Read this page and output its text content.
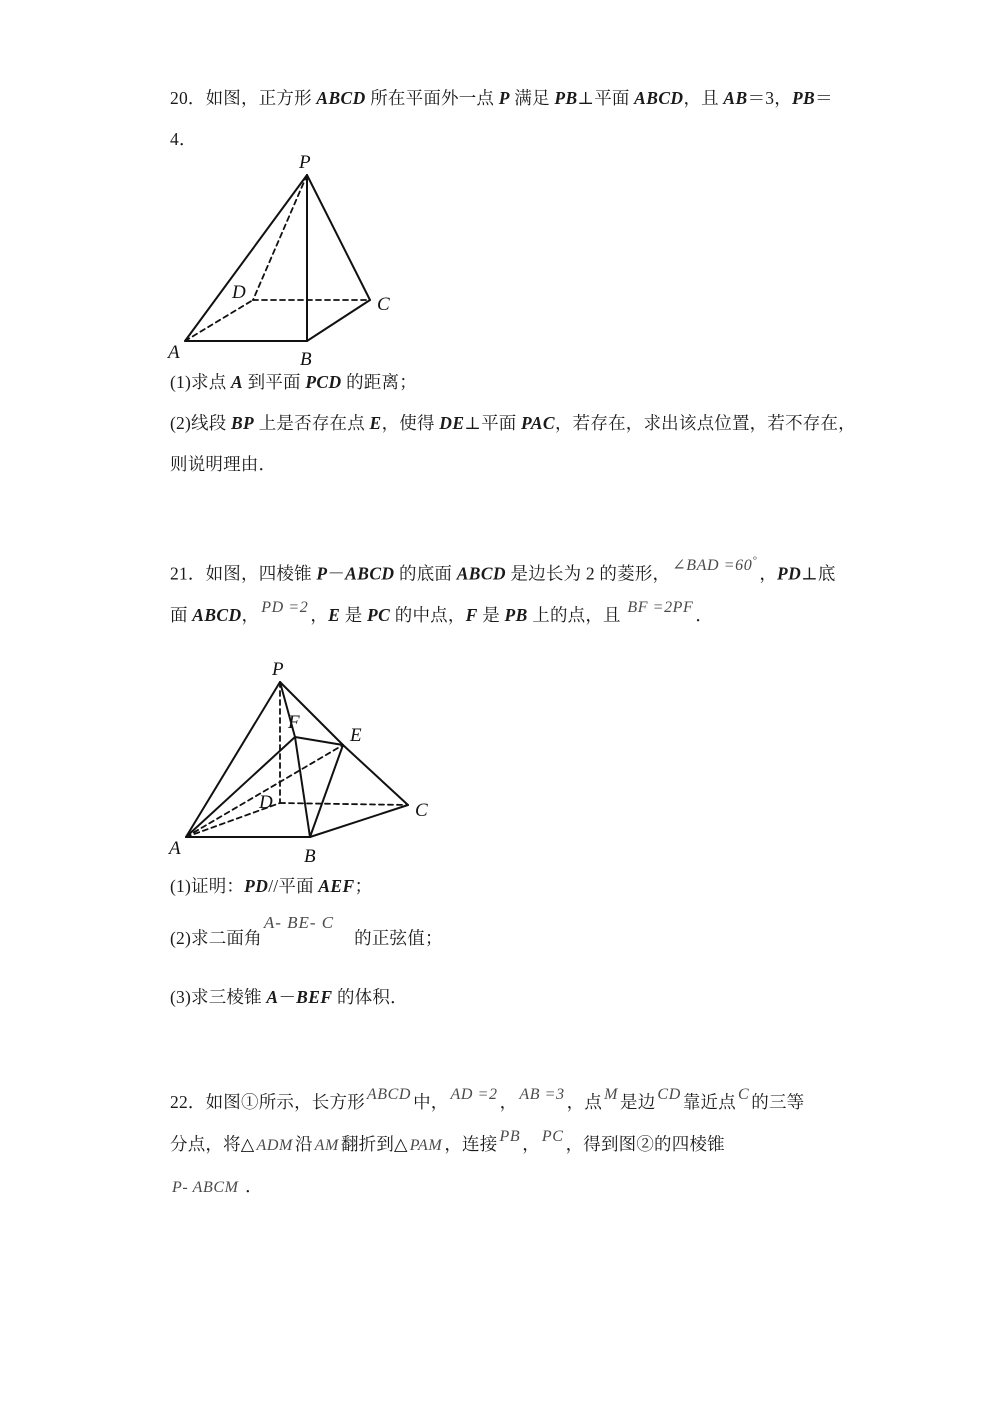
20．如图，正方形 ABCD 所在平面外一点 P 满足 PB⊥平面 ABCD，且 AB＝3，PB＝
4．
P
A	B
C
D
(1)求点 A 到平面 PCD 的距离；
(2)线段 BP 上是否存在点 E，使得 DE⊥平面 PAC，若存在，求出该点位置，若不存在，
则说明理由．
21．如图，四棱锥 P－ABCD 的底面 ABCD 是边长为 2 的菱形， ∠BAD =60°，PD⊥底
面 ABCD， PD =2 ，E 是 PC 的中点，F 是 PB 上的点，且 BF =2PF ．
P
A	B
C
D
E
F
(1)证明：PD//平面 AEF；
(2)求二面角A- BE- C的正弦值；
(3)求三棱锥 A－BEF 的体积．
22．如图①所示，长方形 ABCD 中， AD =2 ， AB =3 ，点 M 是边 CD 靠近点 C 的三等
分点，将△ ADM 沿 AM 翻折到△ PAM ，连接 PB ， PC ，得到图②的四棱锥
P- ABCM ．
